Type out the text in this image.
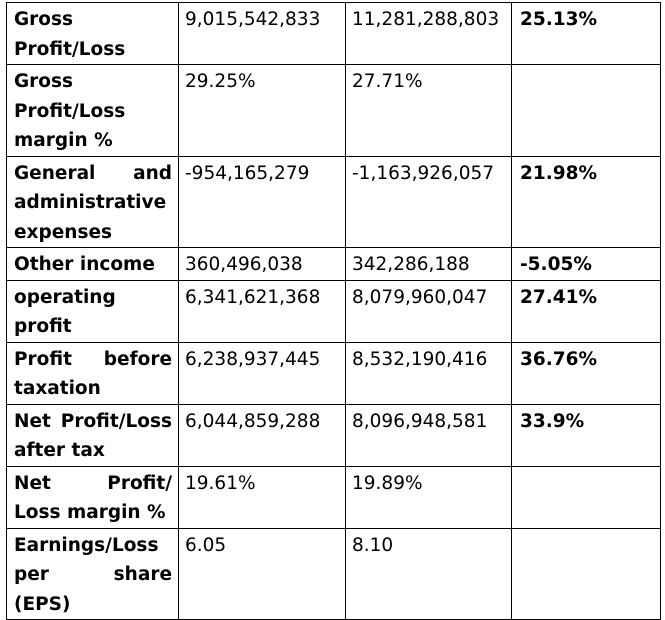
Gross Profit/Loss	9,015,542,833	11,281,288,803	25.13%
Gross Profit/Loss margin %	29.25%	27.71%	
General and administrative expenses	-954,165,279	-1,163,926,057	21.98%
Other income	360,496,038	342,286,188	-5.05%
operating profit	6,341,621,368	8,079,960,047	27.41%
Profit before taxation	6,238,937,445	8,532,190,416	36.76%
Net Profit/Loss after tax	6,044,859,288	8,096,948,581	33.9%
Net Profit/ Loss margin %	19.61%	19.89%	
Earnings/Loss per share (EPS)	6.05	8.10	
